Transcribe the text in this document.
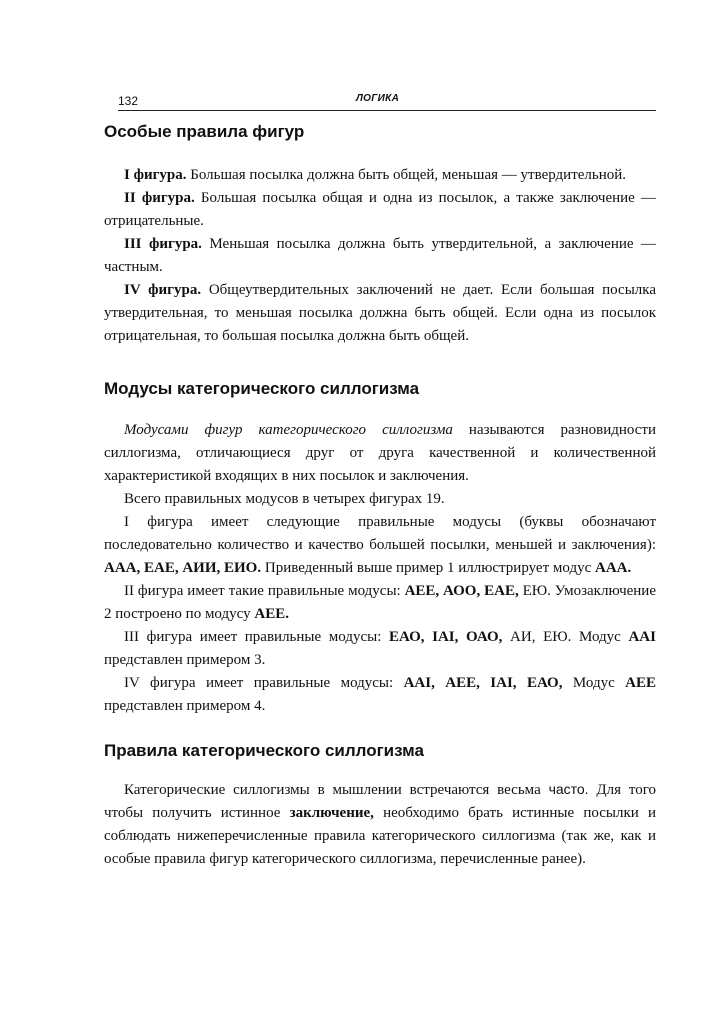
132	ЛОГИКА
Особые правила фигур

I фигура. Большая посылка должна быть общей, меньшая — утвердительной.

II фигура. Большая посылка общая и одна из посылок, а также заключение — отрицательные.

III фигура. Меньшая посылка должна быть утвердительной, а заключение — частным.

IV фигура. Общеутвердительных заключений не дает. Если большая посылка утвердительная, то меньшая посылка должна быть общей. Если одна из посылок отрицательная, то большая посылка должна быть общей.

Модусы категорического силлогизма

Модусами фигур категорического силлогизма называются разновидности силлогизма, отличающиеся друг от друга качественной и количественной характеристикой входящих в них посылок и заключения.

Всего правильных модусов в четырех фигурах 19.

I фигура имеет следующие правильные модусы (буквы обозначают последовательно количество и качество большей посылки, меньшей и заключения): ААА, ЕАЕ, АИИ, ЕИО. Приведенный выше пример 1 иллюстрирует модус ААА.

II фигура имеет такие правильные модусы: АЕЕ, АОО, ЕАЕ, ЕЮ. Умозаключение 2 построено по модусу АЕЕ.

III фигура имеет правильные модусы: ЕАО, IAI, ОАО, АИ, ЕЮ. Модус AAI представлен примером 3.

IV фигура имеет правильные модусы: AAI, АЕЕ, IAI, ЕАО, Модус АЕЕ представлен примером 4.

Правила категорического силлогизма

Категорические силлогизмы в мышлении встречаются весьма часто. Для того чтобы получить истинное заключение, необходимо брать истинные посылки и соблюдать нижеперечисленные правила категорического силлогизма (так же, как и особые правила фигур категорического силлогизма, перечисленные ранее).
